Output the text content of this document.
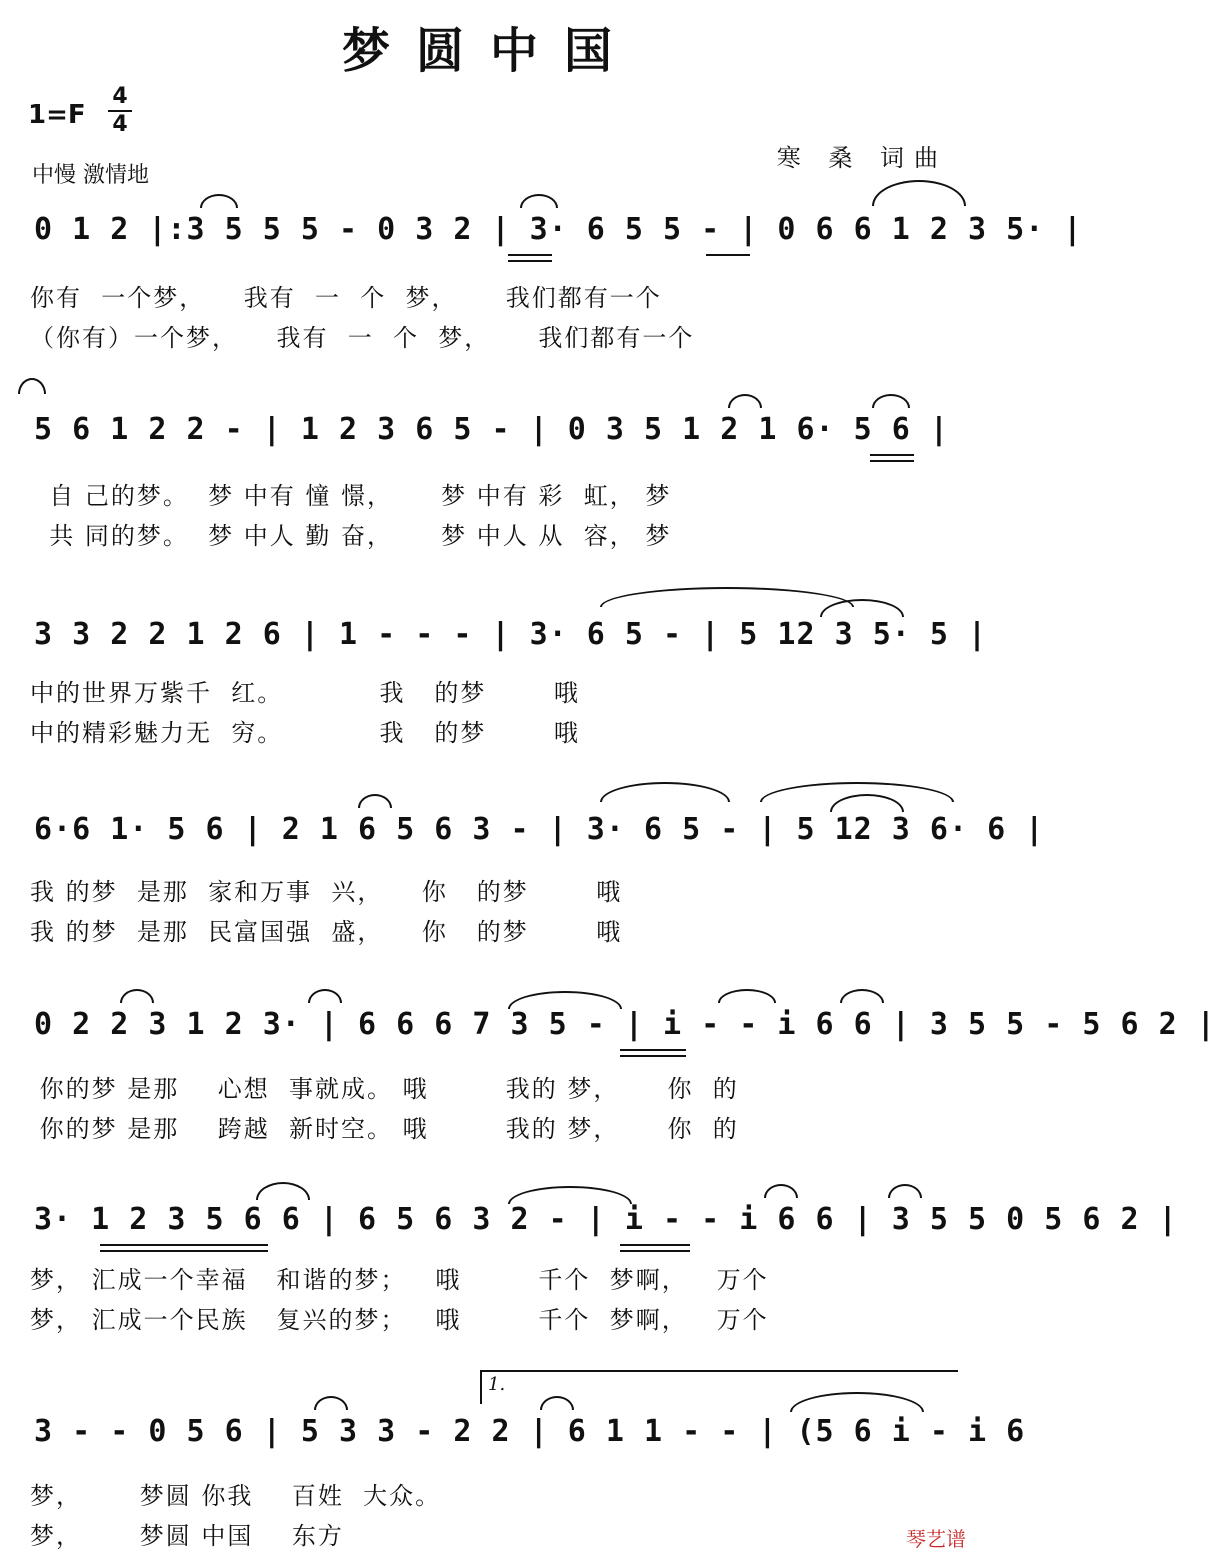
梦圆中国
1=F
4
4
中慢 激情地
寒 桑 词曲
0 1 2 |:3 5 5 5 - 0 3 2 | 3· 6 5 5 - | 0 6 6 1 2 3 5· |
你有  一个梦，    我有  一  个  梦，     我们都有一个
（你有）一个梦，    我有  一  个  梦，     我们都有一个
5 6 1 2 2 - | 1 2 3 6 5 - | 0 3 5 1 2 1 6· 5 6 |
自 己的梦。  梦 中有 憧 憬，     梦 中有 彩  虹， 梦
共 同的梦。  梦 中人 勤 奋，     梦 中人 从  容， 梦
3 3 2 2 1 2 6 | 1 - - - | 3· 6 5 - | 5 12 3 5· 5 |
中的世界万紫千  红。          我   的梦       哦
中的精彩魅力无  穷。          我   的梦       哦
6·6 1· 5 6 | 2 1 6 5 6 3 - | 3· 6 5 - | 5 12 3 6· 6 |
我 的梦  是那  家和万事  兴，    你   的梦       哦
我 的梦  是那  民富国强  盛，    你   的梦       哦
0 2 2 3 1 2 3· | 6 6 6 7 3 5 - | i - - i 6 6 | 3 5 5 - 5 6 2 |
你的梦 是那    心想  事就成。 哦        我的 梦，     你  的
你的梦 是那    跨越  新时空。 哦        我的 梦，     你  的
3· 1 2 3 5 6 6 | 6 5 6 3 2 - | i - - i 6 6 | 3 5 5 0 5 6 2 |
梦， 汇成一个幸福   和谐的梦；   哦        千个  梦啊，   万个
梦， 汇成一个民族   复兴的梦；   哦        千个  梦啊，   万个
1.
3 - - 0 5 6 | 5 3 3 - 2 2 | 6 1 1 - - | (5 6 i - i 6
梦，      梦圆 你我    百姓  大众。
梦，      梦圆 中国    东方	琴艺谱
